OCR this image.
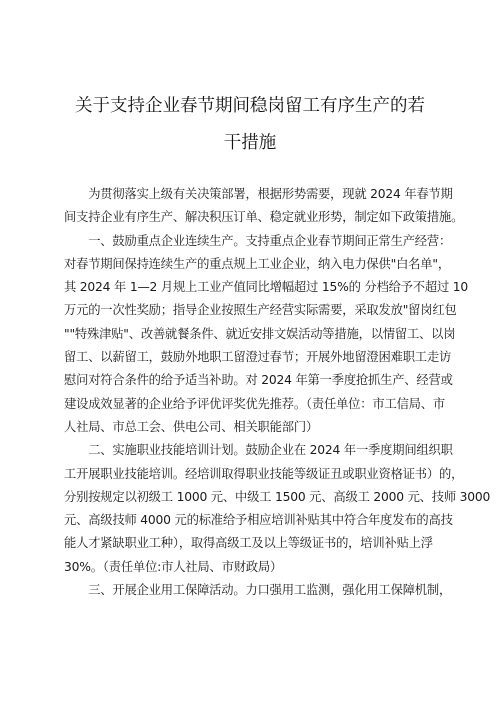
关于支持企业春节期间稳岗留工有序生产的若
干措施
　　为贯彻落实上级有关决策部署，根据形势需要，现就 2024 年春节期
间支持企业有序生产、解决积压订单、稳定就业形势，制定如下政策措施。
　　一、鼓励重点企业连续生产。支持重点企业春节期间正常生产经营：
对春节期间保持连续生产的重点规上工业企业，纳入电力保供"白名单"，
其 2024 年 1—2 月规上工业产值同比增幅超过 15%的 分档给予不超过 10
万元的一次性奖励；指导企业按照生产经营实际需要，采取发放"留岗红包
""特殊津贴"、改善就餐条件、就近安排文娱活动等措施，以情留工、以岗
留工、以薪留工，鼓励外地职工留澄过春节；开展外地留澄困难职工走访
慰问对符合条件的给予适当补助。对 2024 年第一季度抢抓生产、经营或
建设成效显著的企业给予评优评奖优先推荐。（责任单位：市工信局、市
人社局、市总工会、供电公司、相关职能部门）
　　二、实施职业技能培训计划。鼓励企业在 2024 年一季度期间组织职
工开展职业技能培训。经培训取得职业技能等级证丑或职业资格证书）的，
分别按规定以初级工 1000 元、中级工 1500 元、高级工 2000 元、技师 3000
元、高级技师 4000 元的标准给予相应培训补贴其中符合年度发布的高技
能人才紧缺职业工种），取得高级工及以上等级证书的，培训补贴上浮
30%。（责任单位:市人社局、市财政局）
　　三、开展企业用工保障活动。力口强用工监测，强化用工保障机制，
